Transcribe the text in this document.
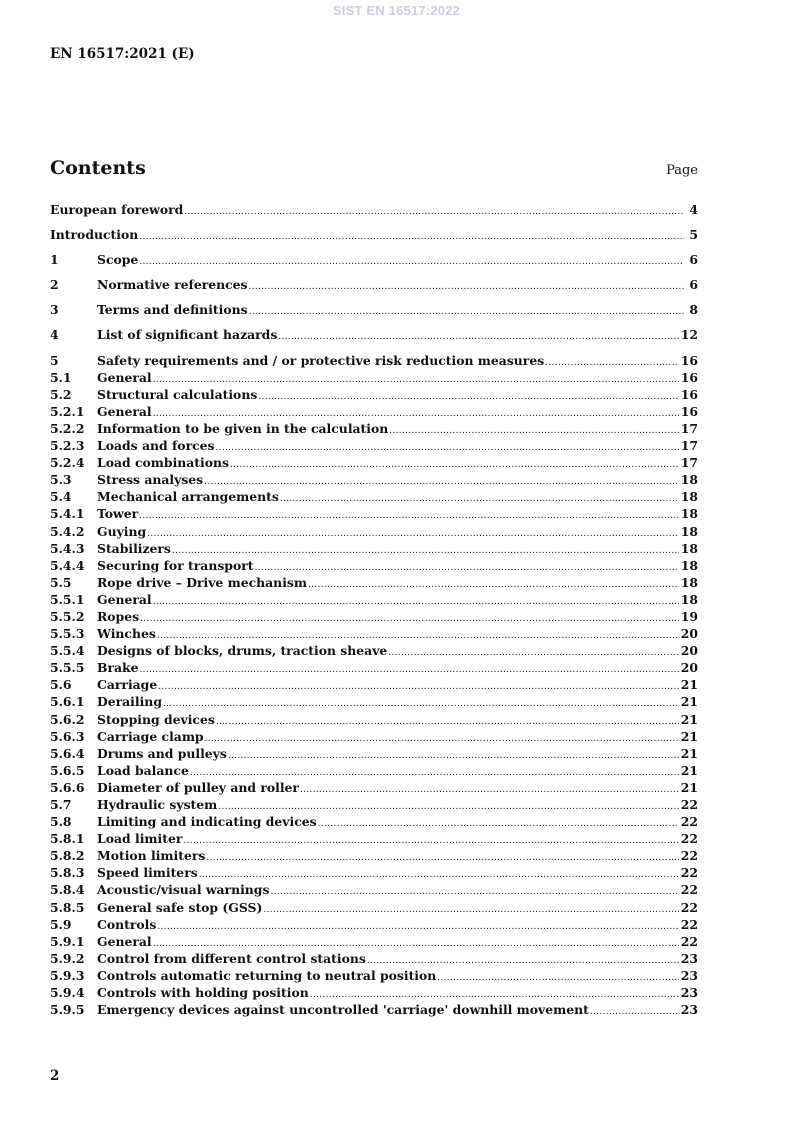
SIST EN 16517:2022
EN 16517:2021 (E)
Contents	Page
European foreword .....	4
Introduction .....	5
1	Scope .....	6
2	Normative references .....	6
3	Terms and definitions .....	8
4	List of significant hazards .....	12
5	Safety requirements and / or protective risk reduction measures .....	16
5.1	General .....	16
5.2	Structural calculations .....	16
5.2.1	General .....	16
5.2.2	Information to be given in the calculation .....	17
5.2.3	Loads and forces .....	17
5.2.4	Load combinations .....	17
5.3	Stress analyses .....	18
5.4	Mechanical arrangements .....	18
5.4.1	Tower .....	18
5.4.2	Guying .....	18
5.4.3	Stabilizers .....	18
5.4.4	Securing for transport .....	18
5.5	Rope drive – Drive mechanism .....	18
5.5.1	General .....	18
5.5.2	Ropes .....	19
5.5.3	Winches .....	20
5.5.4	Designs of blocks, drums, traction sheave .....	20
5.5.5	Brake .....	20
5.6	Carriage .....	21
5.6.1	Derailing .....	21
5.6.2	Stopping devices .....	21
5.6.3	Carriage clamp .....	21
5.6.4	Drums and pulleys .....	21
5.6.5	Load balance .....	21
5.6.6	Diameter of pulley and roller .....	21
5.7	Hydraulic system .....	22
5.8	Limiting and indicating devices .....	22
5.8.1	Load limiter .....	22
5.8.2	Motion limiters .....	22
5.8.3	Speed limiters .....	22
5.8.4	Acoustic/visual warnings .....	22
5.8.5	General safe stop (GSS) .....	22
5.9	Controls .....	22
5.9.1	General .....	22
5.9.2	Control from different control stations .....	23
5.9.3	Controls automatic returning to neutral position .....	23
5.9.4	Controls with holding position .....	23
5.9.5	Emergency devices against uncontrolled 'carriage' downhill movement .....	23
2
